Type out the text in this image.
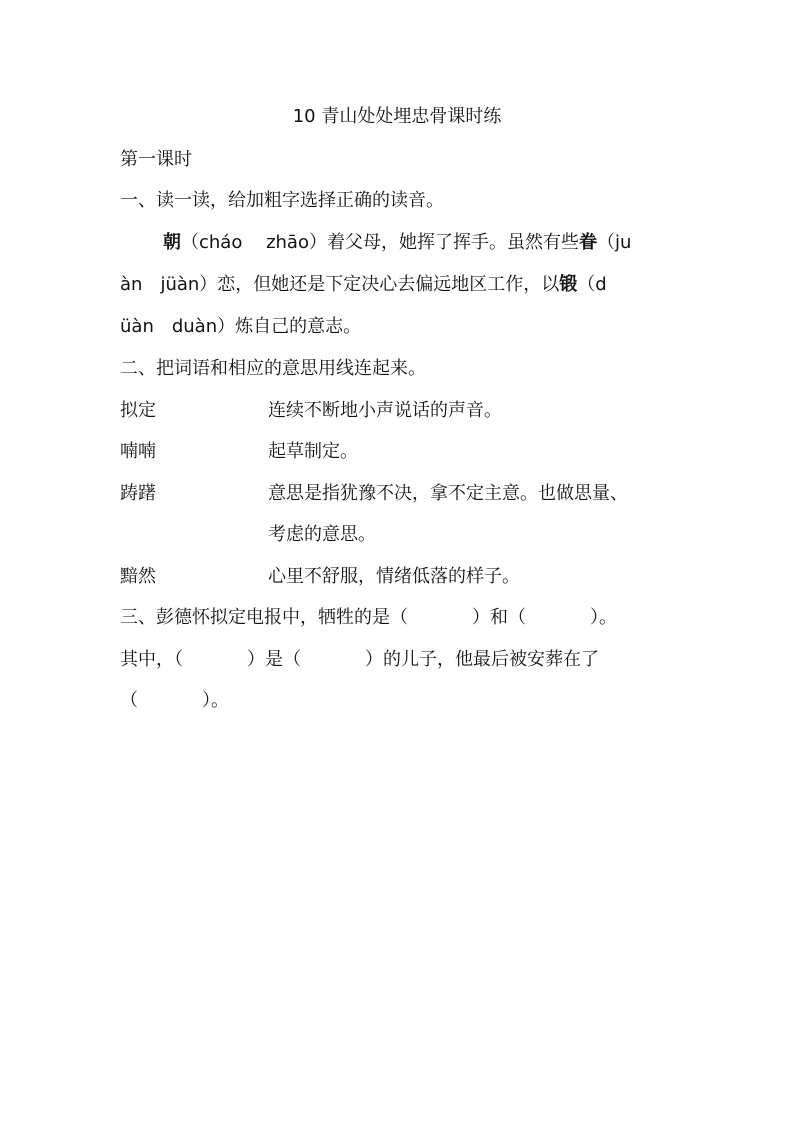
10 青山处处埋忠骨课时练
第一课时
一、读一读，给加粗字选择正确的读音。
朝（cháo　 zhāo）着父母，她挥了挥手。虽然有些眷（ju
àn　jüàn）恋，但她还是下定决心去偏远地区工作，以锻（d
üàn　duàn）炼自己的意志。
二、把词语和相应的意思用线连起来。
拟定	连续不断地小声说话的声音。
喃喃	起草制定。
踌躇	意思是指犹豫不决，拿不定主意。也做思量、
考虑的意思。
黯然	心里不舒服，情绪低落的样子。
三、彭德怀拟定电报中，牺牲的是（	）和（	）。
其中，（	）是（	）的儿子，他最后被安葬在了
（	）。
